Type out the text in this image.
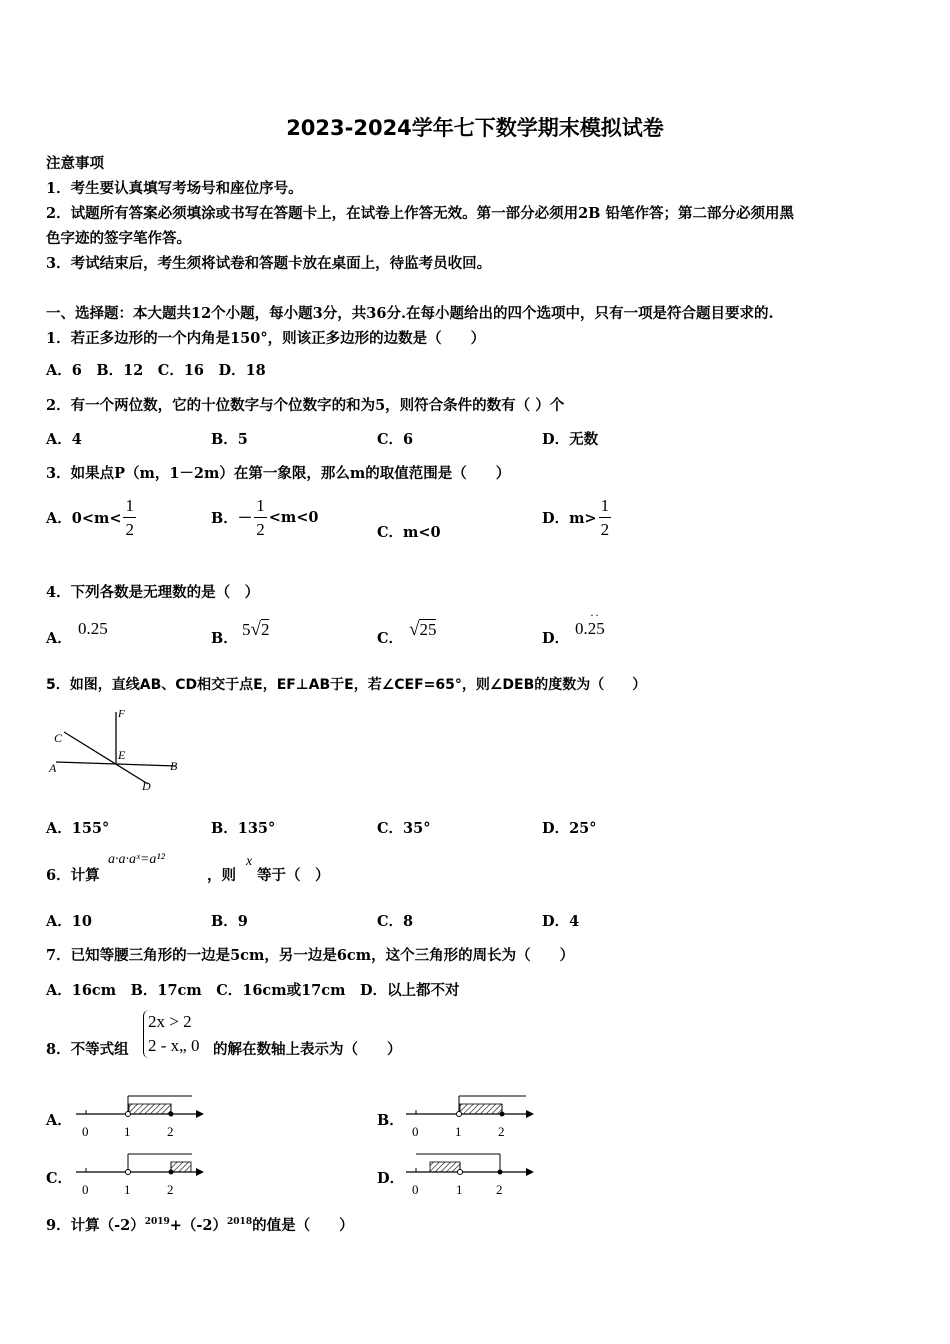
2023-2024学年七下数学期末模拟试卷
注意事项
1．考生要认真填写考场号和座位序号。
2．试题所有答案必须填涂或书写在答题卡上，在试卷上作答无效。第一部分必须用2B 铅笔作答；第二部分必须用黑
色字迹的签字笔作答。
3．考试结束后，考生须将试卷和答题卡放在桌面上，待监考员收回。
一、选择题：本大题共12个小题，每小题3分，共36分.在每小题给出的四个选项中，只有一项是符合题目要求的.
1．若正多边形的一个内角是150°，则该正多边形的边数是（　　）
A．6　B．12　C．16　D．18
2．有一个两位数，它的十位数字与个位数字的和为5，则符合条件的数有（ ）个
A．4	B．5	C．6	D．无数
3．如果点P（m，1－2m）在第一象限，那么m的取值范围是（　　）
A．$0<m< \frac{1}{2}$	B．－ $\frac{1}{2} <m<0$
C．m<0
D．$m> \frac{1}{2}$
4．下列各数是无理数的是（　）
A．
0.25
B． 5√2	C． √25	D．
0.25
· ·
5．如图，直线AB、CD相交于点E，EF⊥AB于E，若∠CEF=65°，则∠DEB的度数为（　　）
F
C
E
A	B
D
A．155°	B．135°	C．35°	D．25°
6．计算
a·a·aˣ=a¹²
，则
x
等于（　）
A．10	B．9	C．8	D．4
7．已知等腰三角形的一边是5cm，另一边是6cm，这个三角形的周长为（　　）
A．16cm　B．17cm　C．16cm或17cm　D．以上都不对
8．不等式组
2x > 2
2 - x„ 0 的解在数轴上表示为（　　）
A．
0	1	2
B．
0	1	2
C．
0	1	2
D．
0	1	2
9．计算$(-2)^{2019}+(-2)^{2018}$的值是（　　）
